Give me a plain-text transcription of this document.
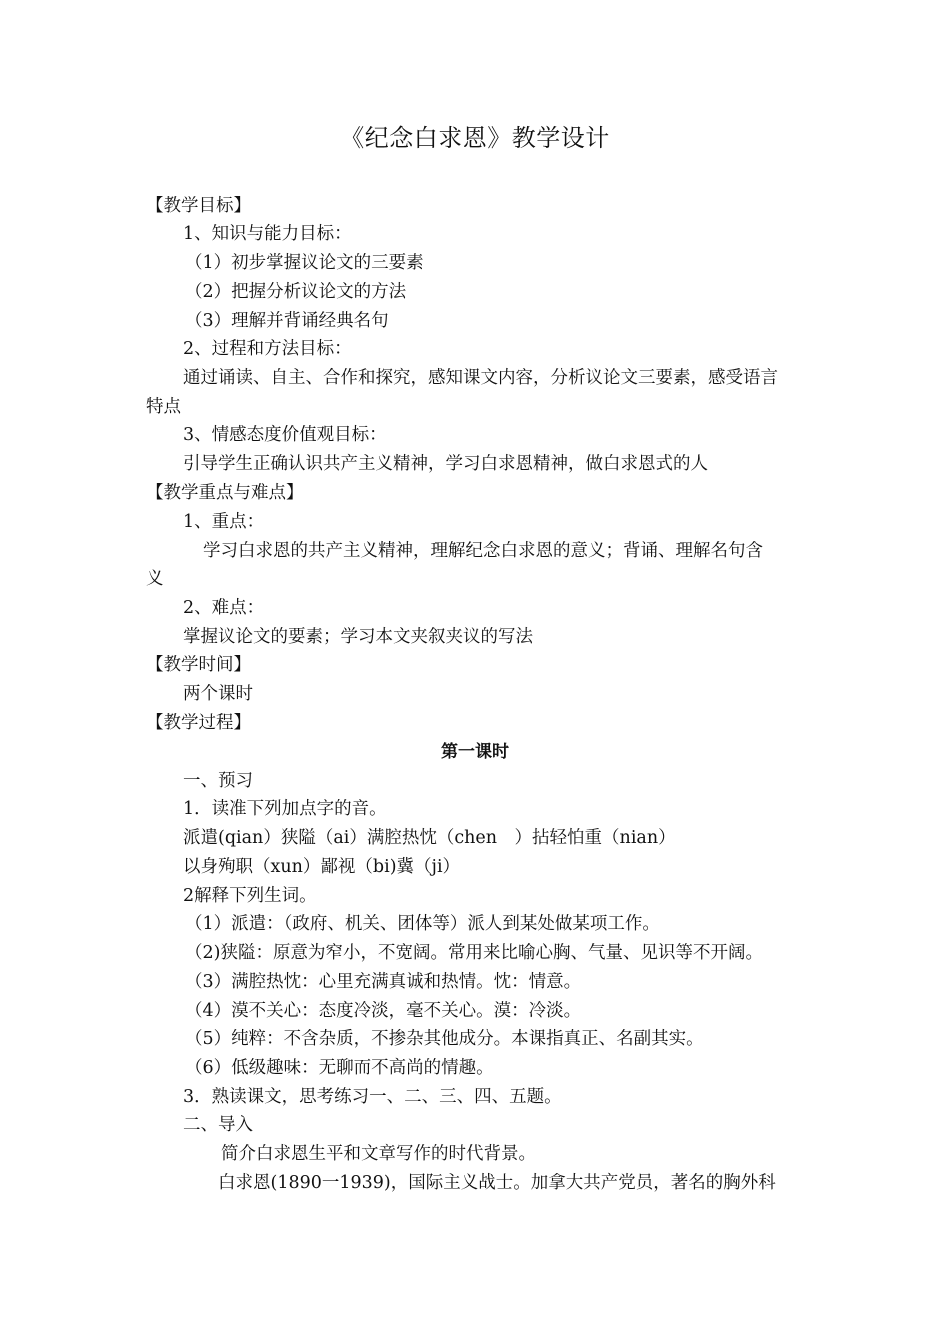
《纪念白求恩》教学设计
【教学目标】
1、知识与能力目标：
（1）初步掌握议论文的三要素
（2）把握分析议论文的方法
（3）理解并背诵经典名句
2、过程和方法目标：
通过诵读、自主、合作和探究，感知课文内容，分析议论文三要素，感受语言
特点
3、情感态度价值观目标：
引导学生正确认识共产主义精神，学习白求恩精神，做白求恩式的人
【教学重点与难点】
1、重点：
学习白求恩的共产主义精神，理解纪念白求恩的意义；背诵、理解名句含
义
2、难点：
掌握议论文的要素；学习本文夹叙夹议的写法
【教学时间】
两个课时
【教学过程】
第一课时
一、预习
1．读准下列加点字的音。
派遣(qian）狭隘（ai）满腔热忱（chen　）拈轻怕重（nian）
以身殉职（xun）鄙视（bi)冀（ji）
2解释下列生词。
（1）派遣：（政府、机关、团体等）派人到某处做某项工作。
（2)狭隘：原意为窄小，不宽阔。常用来比喻心胸、气量、见识等不开阔。
（3）满腔热忱：心里充满真诚和热情。忱：情意。
（4）漠不关心：态度冷淡，毫不关心。漠：冷淡。
（5）纯粹：不含杂质，不掺杂其他成分。本课指真正、名副其实。
（6）低级趣味：无聊而不高尚的情趣。
3．熟读课文，思考练习一、二、三、四、五题。
二、导入
简介白求恩生平和文章写作的时代背景。
白求恩(1890一1939)，国际主义战士。加拿大共产党员，著名的胸外科
